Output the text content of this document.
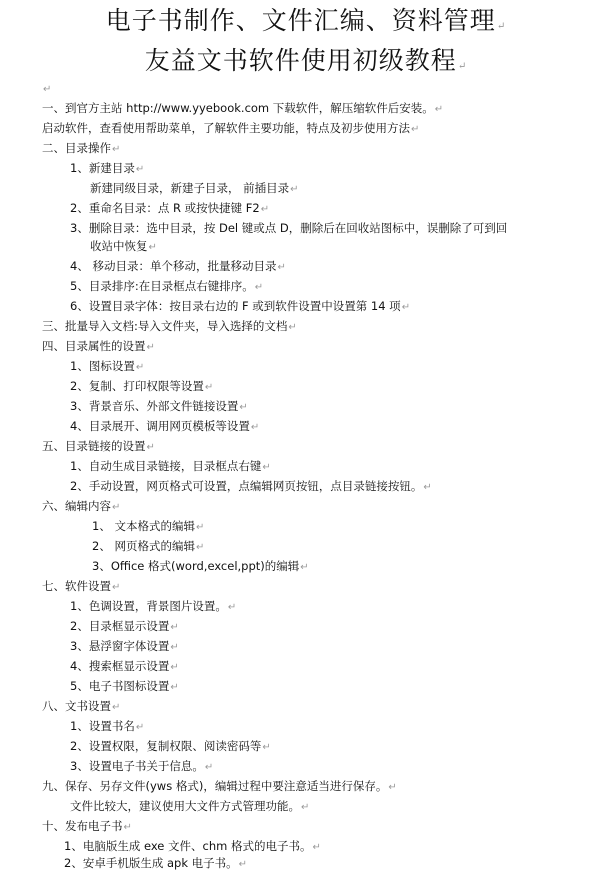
电子书制作、文件汇编、资料管理↵
友益文书软件使用初级教程↵
↵
一、到官方主站 http://www.yyebook.com 下载软件，解压缩软件后安装。↵
启动软件，查看使用帮助菜单，了解软件主要功能，特点及初步使用方法↵
二、目录操作↵
1、新建目录↵
新建同级目录，新建子目录， 前插目录↵
2、重命名目录：点 R 或按快捷键 F2↵
3、删除目录：选中目录，按 Del 键或点 D，删除后在回收站图标中，误删除了可到回
收站中恢复↵
4、 移动目录：单个移动，批量移动目录↵
5、目录排序:在目录框点右键排序。↵
6、设置目录字体：按目录右边的 F 或到软件设置中设置第 14 项↵
三、批量导入文档:导入文件夹，导入选择的文档↵
四、目录属性的设置↵
1、图标设置↵
2、复制、打印权限等设置↵
3、背景音乐、外部文件链接设置↵
4、目录展开、调用网页模板等设置↵
五、目录链接的设置↵
1、自动生成目录链接，目录框点右键↵
2、手动设置，网页格式可设置，点编辑网页按钮，点目录链接按钮。↵
六、编辑内容↵
1、 文本格式的编辑↵
2、 网页格式的编辑↵
3、Office 格式(word,excel,ppt)的编辑↵
七、软件设置↵
1、色调设置，背景图片设置。↵
2、目录框显示设置↵
3、悬浮窗字体设置↵
4、搜索框显示设置↵
5、电子书图标设置↵
八、文书设置↵
1、设置书名↵
2、设置权限，复制权限、阅读密码等↵
3、设置电子书关于信息。↵
九、保存、另存文件(yws 格式)，编辑过程中要注意适当进行保存。↵
文件比较大，建议使用大文件方式管理功能。↵
十、发布电子书↵
1、电脑版生成 exe 文件、chm 格式的电子书。↵
2、安卓手机版生成 apk 电子书。↵
